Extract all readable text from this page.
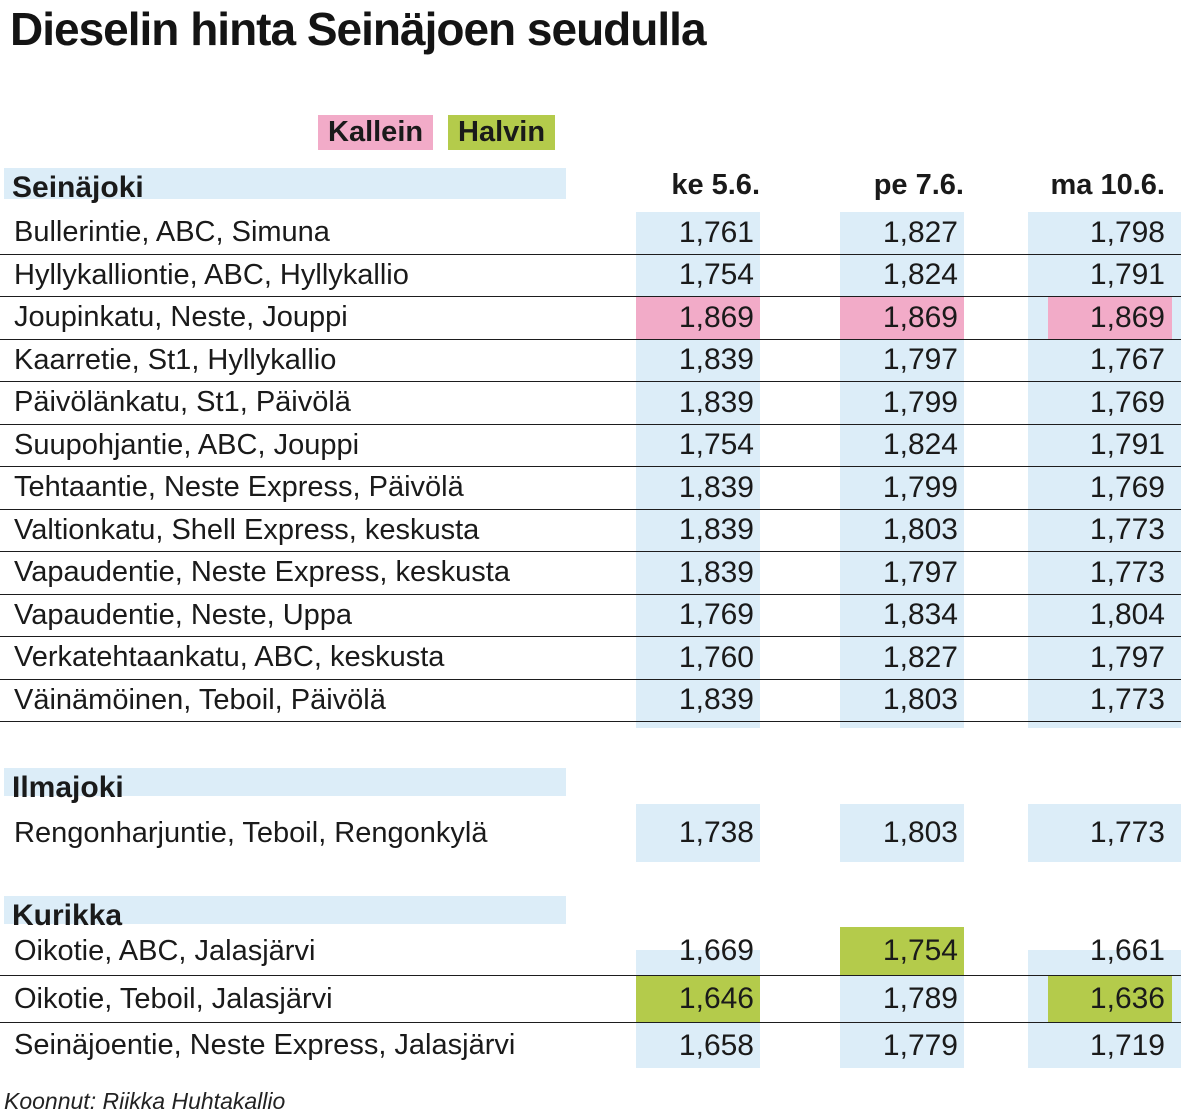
Dieselin hinta Seinäjoen seudulla
Kallein	Halvin
Seinäjoki	ke 5.6.	pe 7.6.	ma 10.6.
Bullerintie, ABC, Simuna	1,761	1,827	1,798
Hyllykalliontie, ABC, Hyllykallio	1,754	1,824	1,791
Joupinkatu, Neste, Jouppi	1,869	1,869	1,869
Kaarretie, St1, Hyllykallio	1,839	1,797	1,767
Päivölänkatu, St1, Päivölä	1,839	1,799	1,769
Suupohjantie, ABC, Jouppi	1,754	1,824	1,791
Tehtaantie, Neste Express, Päivölä	1,839	1,799	1,769
Valtionkatu, Shell Express, keskusta	1,839	1,803	1,773
Vapaudentie, Neste Express, keskusta	1,839	1,797	1,773
Vapaudentie, Neste, Uppa	1,769	1,834	1,804
Verkatehtaankatu, ABC, keskusta	1,760	1,827	1,797
Väinämöinen, Teboil, Päivölä	1,839	1,803	1,773
Ilmajoki
Rengonharjuntie, Teboil, Rengonkylä	1,738	1,803	1,773
Kurikka
Oikotie, ABC, Jalasjärvi	1,669	1,754	1,661
Oikotie, Teboil, Jalasjärvi	1,646	1,789	1,636
Seinäjoentie, Neste Express, Jalasjärvi	1,658	1,779	1,719
Koonnut: Riikka Huhtakallio
